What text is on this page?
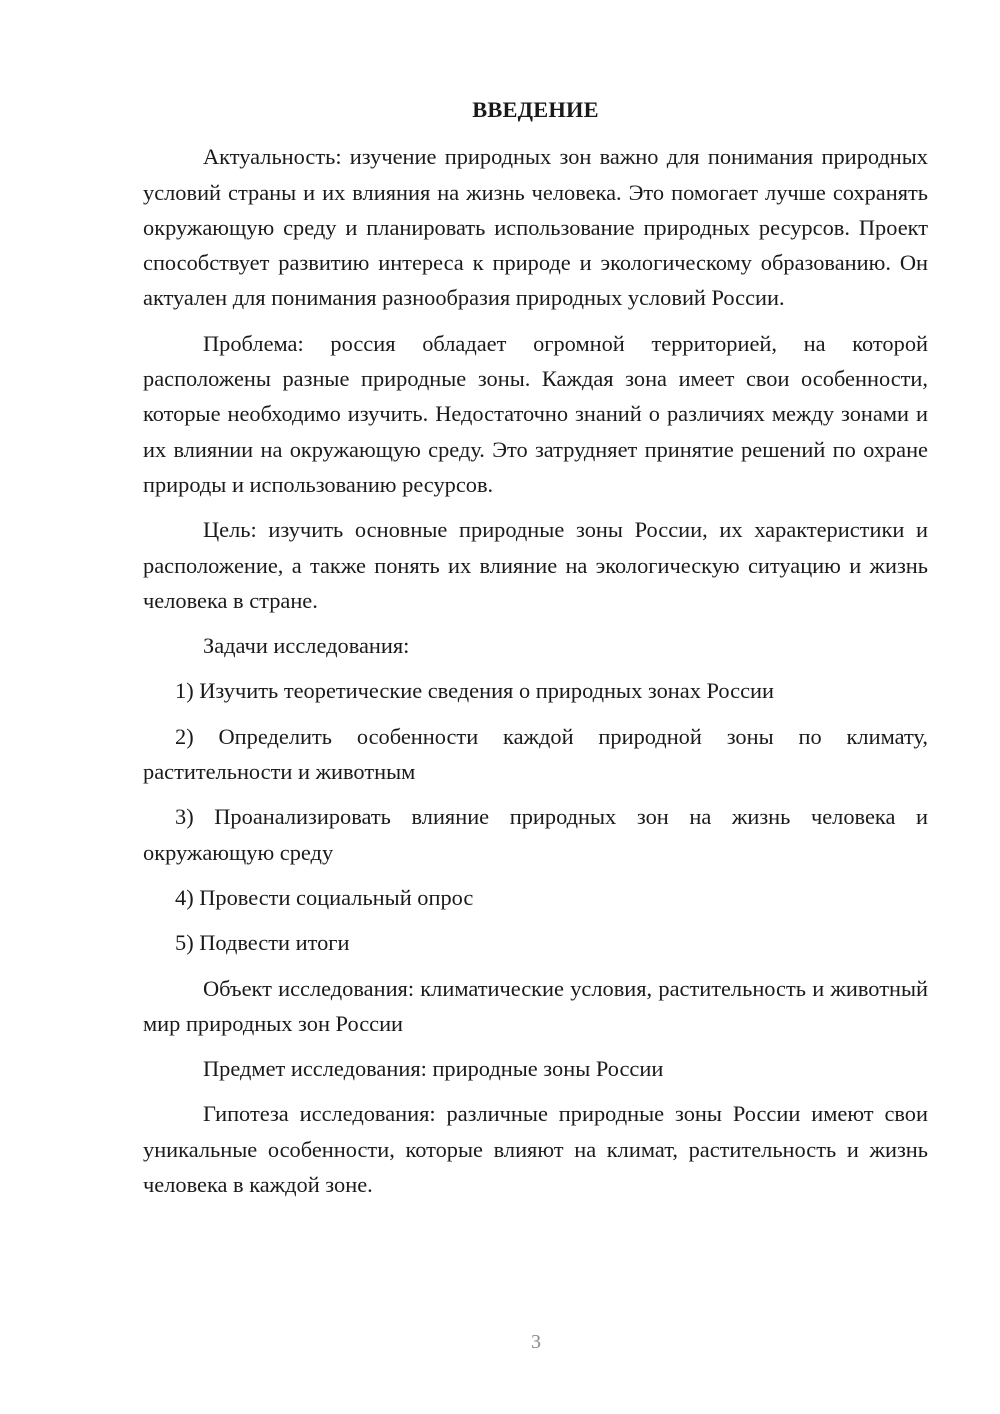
ВВЕДЕНИЕ

Актуальность: изучение природных зон важно для понимания природных условий страны и их влияния на жизнь человека. Это помогает лучше сохранять окружающую среду и планировать использование природных ресурсов. Проект способствует развитию интереса к природе и экологическому образованию. Он актуален для понимания разнообразия природных условий России.

Проблема: россия обладает огромной территорией, на которой расположены разные природные зоны. Каждая зона имеет свои особенности, которые необходимо изучить. Недостаточно знаний о различиях между зонами и их влиянии на окружающую среду. Это затрудняет принятие решений по охране природы и использованию ресурсов.

Цель: изучить основные природные зоны России, их характеристики и расположение, а также понять их влияние на экологическую ситуацию и жизнь человека в стране.

Задачи исследования:

1) Изучить теоретические сведения о природных зонах России

2) Определить особенности каждой природной зоны по климату, растительности и животным

3) Проанализировать влияние природных зон на жизнь человека и окружающую среду

4) Провести социальный опрос

5) Подвести итоги

Объект исследования: климатические условия, растительность и животный мир природных зон России

Предмет исследования: природные зоны России

Гипотеза исследования: различные природные зоны России имеют свои уникальные особенности, которые влияют на климат, растительность и жизнь человека в каждой зоне.

3
